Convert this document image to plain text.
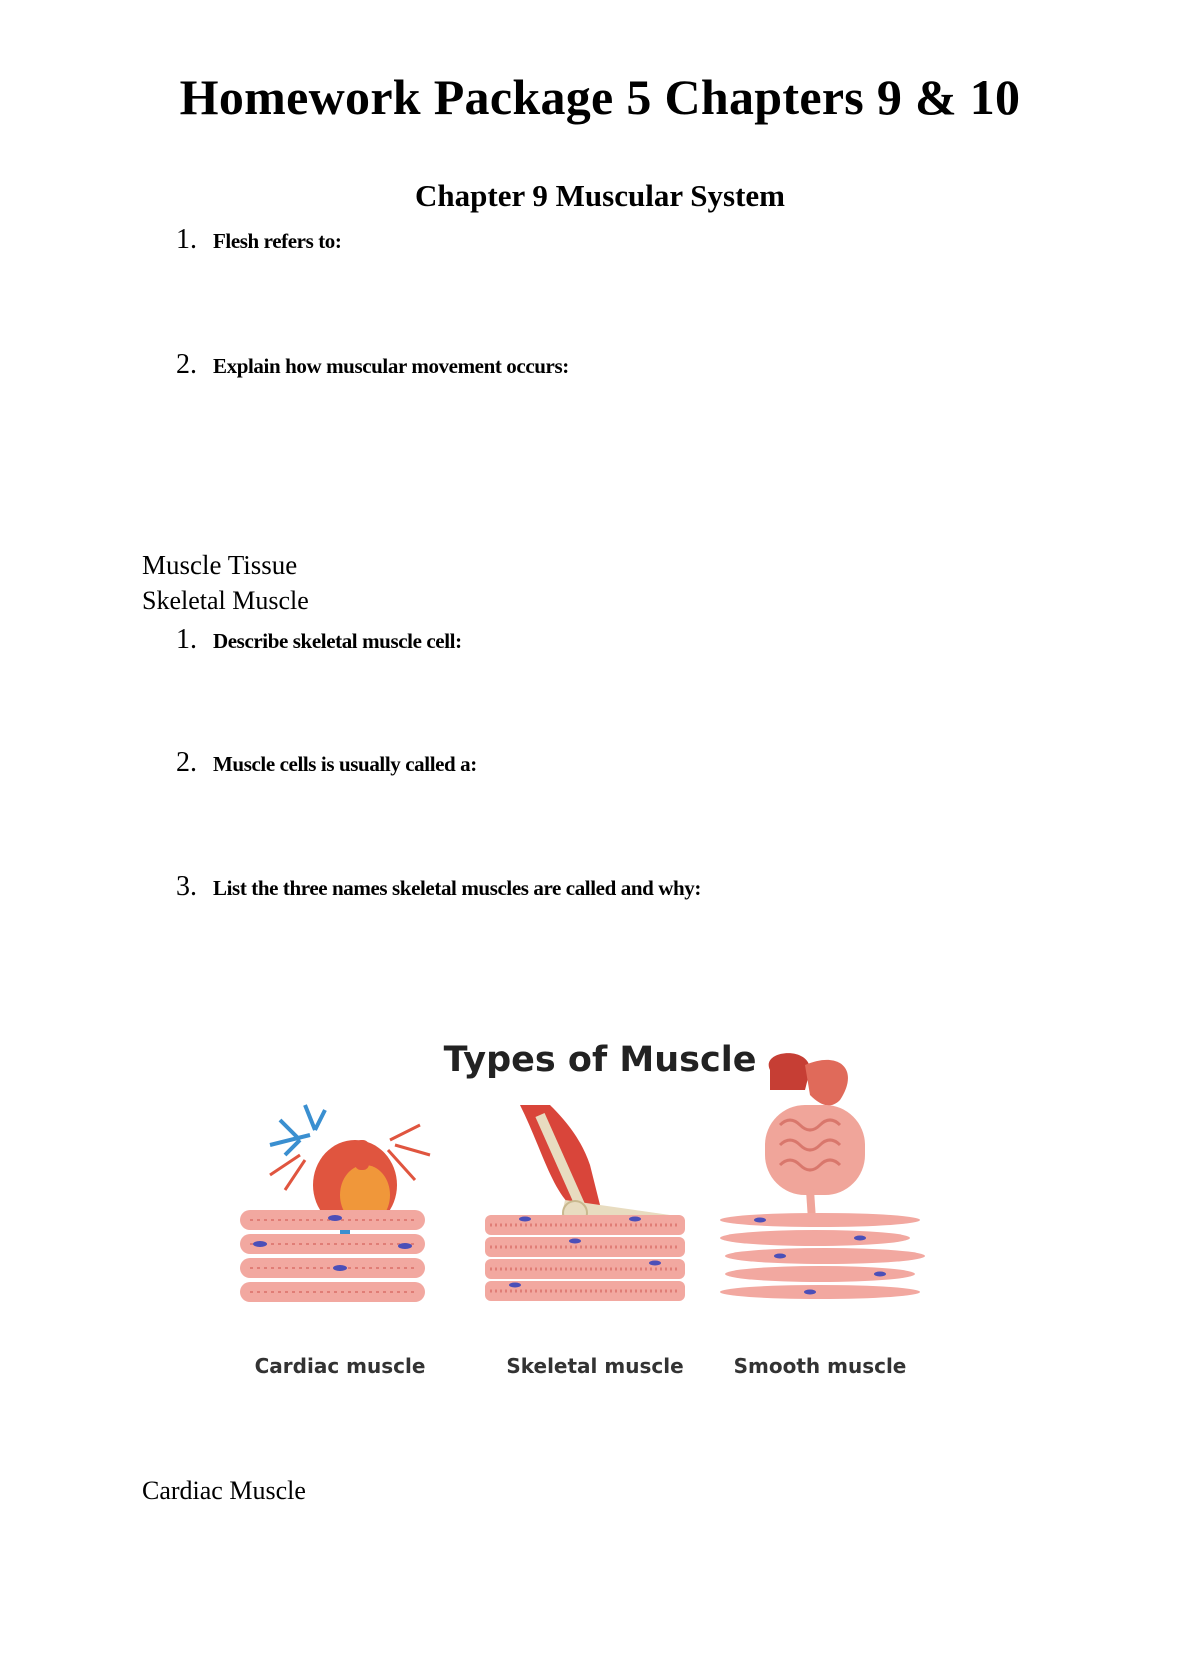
Homework Package 5 Chapters 9 & 10
Chapter 9 Muscular System
1. Flesh refers to:
2. Explain how muscular movement occurs:
Muscle Tissue
Skeletal Muscle
1. Describe skeletal muscle cell:
2. Muscle cells is usually called a:
3. List the three names skeletal muscles are called and why:
Types of Muscle
Cardiac muscle	Skeletal muscle	Smooth muscle
Cardiac Muscle
